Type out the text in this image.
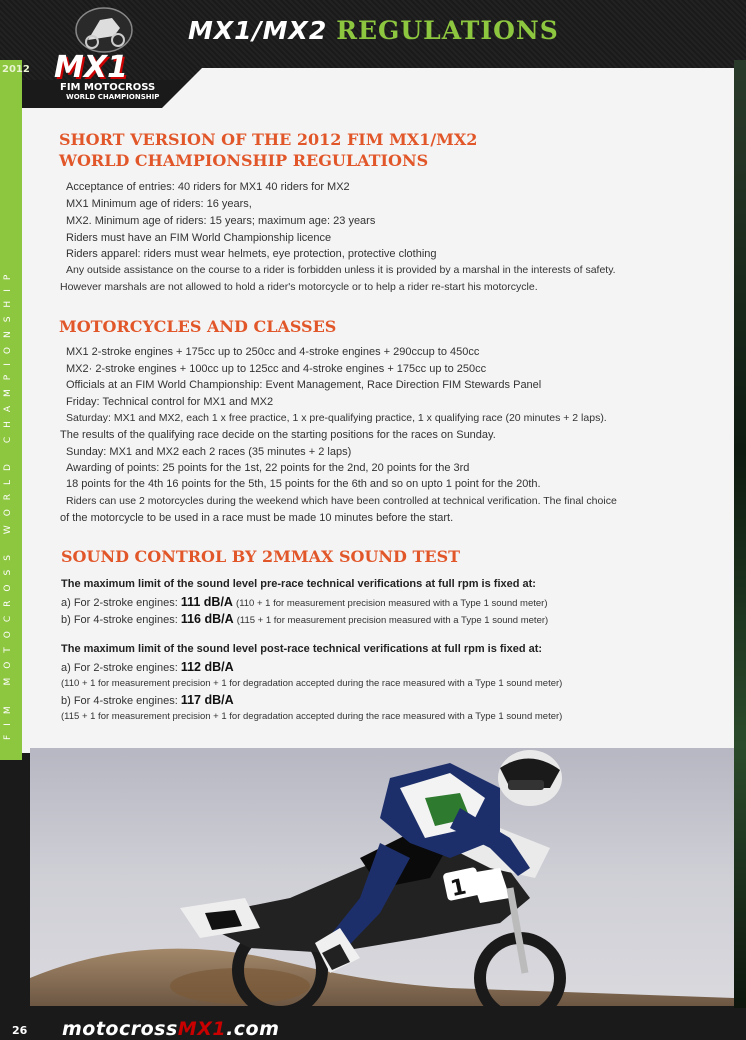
MX1
FIM MOTOCROSS
WORLD CHAMPIONSHIP
MX1/MX2 REGULATIONS
2012
FIM MOTOCROSS WORLD CHAMPIONSHIP
SHORT VERSION OF THE 2012 FIM MX1/MX2
WORLD CHAMPIONSHIP REGULATIONS
Acceptance of entries: 40 riders for MX1 40 riders for MX2
MX1 Minimum age of riders: 16 years,
MX2. Minimum age of riders: 15 years; maximum age: 23 years
Riders must have an FIM World Championship licence
Riders apparel: riders must wear helmets, eye protection, protective clothing
Any outside assistance on the course to a rider is forbidden unless it is provided by a marshal in the interests of safety.
However marshals are not allowed to hold a rider's motorcycle or to help a rider re-start his motorcycle.
MOTORCYCLES AND CLASSES
MX1 2-stroke engines + 175cc up to 250cc and 4-stroke engines + 290ccup to 450cc
MX2· 2-stroke engines + 100cc up to 125cc and 4-stroke engines + 175cc up to 250cc
Officials at an FIM World Championship: Event Management, Race Direction FIM Stewards Panel
Friday: Technical control for MX1 and MX2
Saturday: MX1 and MX2, each 1 x free practice, 1 x pre-qualifying practice, 1 x qualifying race (20 minutes + 2 laps).
The results of the qualifying race decide on the starting positions for the races on Sunday.
Sunday: MX1 and MX2 each 2 races (35 minutes + 2 laps)
Awarding of points: 25 points for the 1st, 22 points for the 2nd, 20 points for the 3rd
18 points for the 4th 16 points for the 5th, 15 points for the 6th and so on upto 1 point for the 20th.
Riders can use 2 motorcycles during the weekend which have been controlled at technical verification. The final choice
of the motorcycle to be used in a race must be made 10 minutes before the start.
SOUND CONTROL BY 2MMAX SOUND TEST
The maximum limit of the sound level pre-race technical verifications at full rpm is fixed at:
a) For 2-stroke engines: 111 dB/A (110 + 1 for measurement precision measured with a Type 1 sound meter)
b) For 4-stroke engines: 116 dB/A (115 + 1 for measurement precision measured with a Type 1 sound meter)
The maximum limit of the sound level post-race technical verifications at full rpm is fixed at:
a) For 2-stroke engines: 112 dB/A
(110 + 1 for measurement precision + 1 for degradation accepted during the race measured with a Type 1 sound meter)
b) For 4-stroke engines: 117 dB/A
(115 + 1 for measurement precision + 1 for degradation accepted during the race measured with a Type 1 sound meter)
1
26 motocrossMX1.com
